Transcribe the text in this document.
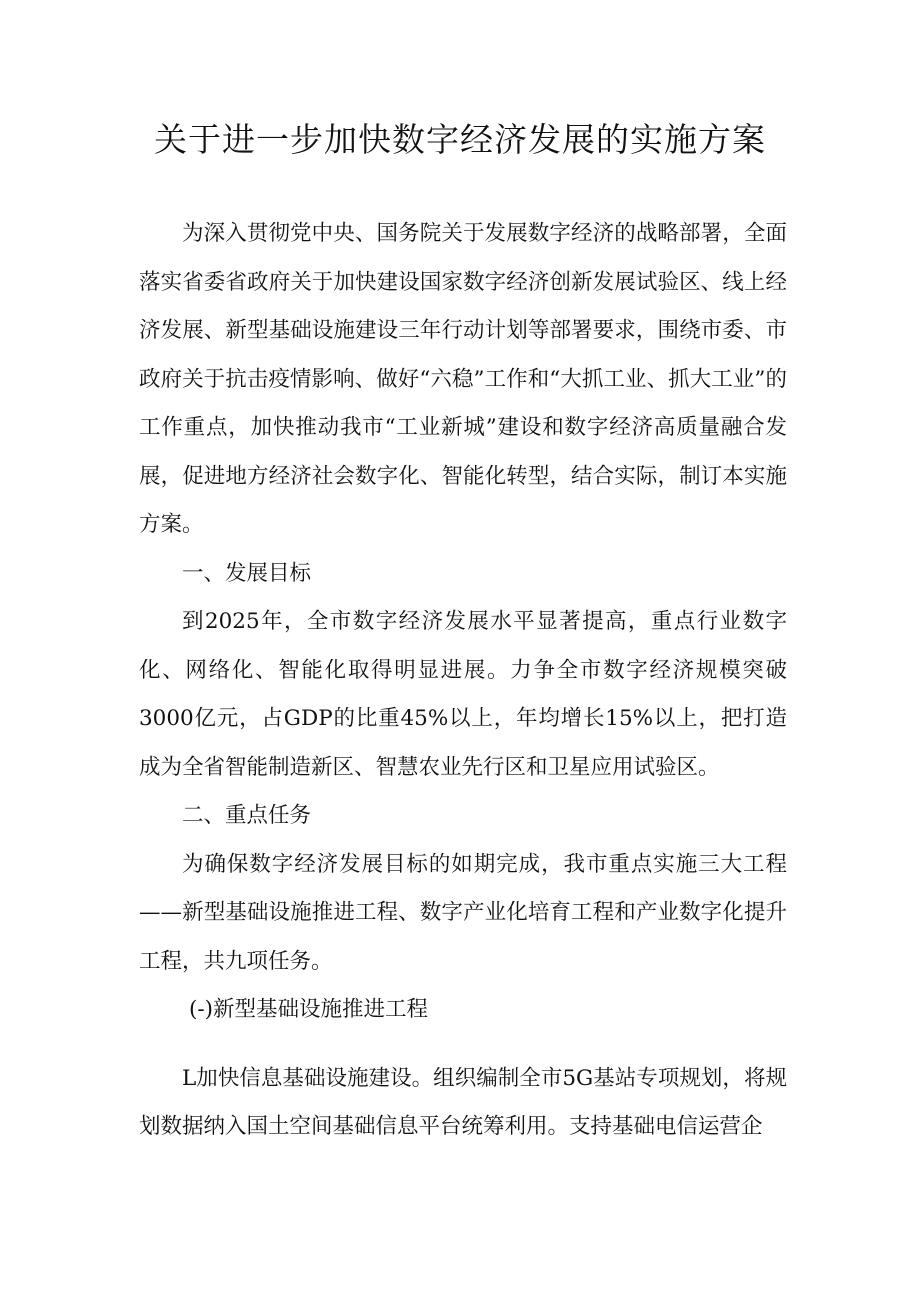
关于进一步加快数字经济发展的实施方案

为深入贯彻党中央、国务院关于发展数字经济的战略部署，全面落实省委省政府关于加快建设国家数字经济创新发展试验区、线上经济发展、新型基础设施建设三年行动计划等部署要求，围绕市委、市政府关于抗击疫情影响、做好“六稳”工作和“大抓工业、抓大工业”的工作重点，加快推动我市“工业新城”建设和数字经济高质量融合发展，促进地方经济社会数字化、智能化转型，结合实际，制订本实施方案。

一、发展目标

到2025年，全市数字经济发展水平显著提高，重点行业数字化、网络化、智能化取得明显进展。力争全市数字经济规模突破3000亿元，占GDP的比重45%以上，年均增长15%以上，把打造成为全省智能制造新区、智慧农业先行区和卫星应用试验区。

二、重点任务

为确保数字经济发展目标的如期完成，我市重点实施三大工程——新型基础设施推进工程、数字产业化培育工程和产业数字化提升工程，共九项任务。

(-)新型基础设施推进工程

L加快信息基础设施建设。组织编制全市5G基站专项规划，将规划数据纳入国土空间基础信息平台统筹利用。支持基础电信运营企
